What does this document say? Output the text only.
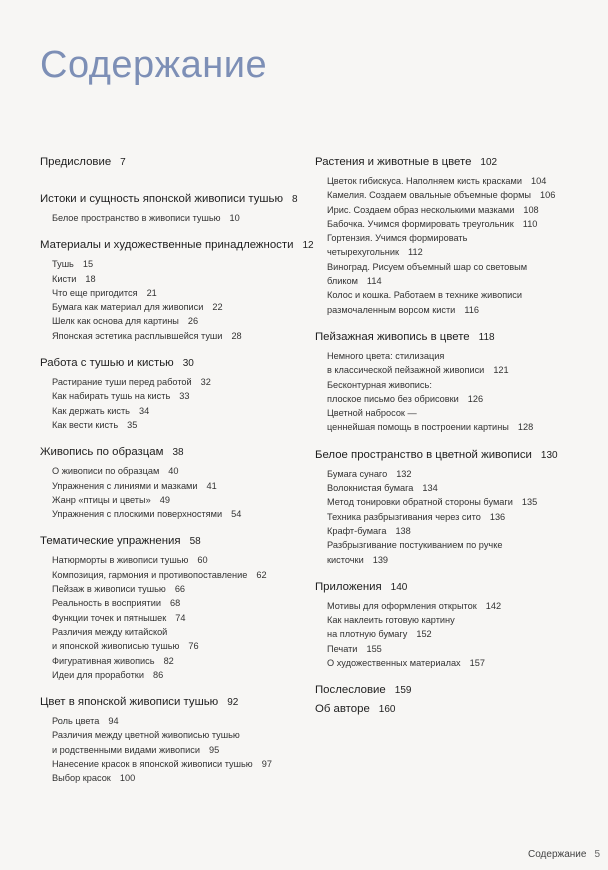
Содержание
Предисловие 7
Истоки и сущность японской живописи тушью 8
Белое пространство в живописи тушью 10
Материалы и художественные принадлежности 12
Тушь 15
Кисти 18
Что еще пригодится 21
Бумага как материал для живописи 22
Шелк как основа для картины 26
Японская эстетика расплывшейся туши 28
Работа с тушью и кистью 30
Растирание туши перед работой 32
Как набирать тушь на кисть 33
Как держать кисть 34
Как вести кисть 35
Живопись по образцам 38
О живописи по образцам 40
Упражнения с линиями и мазками 41
Жанр «птицы и цветы» 49
Упражнения с плоскими поверхностями 54
Тематические упражнения 58
Натюрморты в живописи тушью 60
Композиция, гармония и противопоставление 62
Пейзаж в живописи тушью 66
Реальность в восприятии 68
Функции точек и пятнышек 74
Различия между китайской
и японской живописью тушью 76
Фигуративная живопись 82
Идеи для проработки 86
Цвет в японской живописи тушью 92
Роль цвета 94
Различия между цветной живописью тушью
и родственными видами живописи 95
Нанесение красок в японской живописи тушью 97
Выбор красок 100
Растения и животные в цвете 102
Цветок гибискуса. Наполняем кисть красками 104
Камелия. Создаем овальные объемные формы 106
Ирис. Создаем образ несколькими мазками 108
Бабочка. Учимся формировать треугольник 110
Гортензия. Учимся формировать
четырехугольник 112
Виноград. Рисуем объемный шар со световым
бликом 114
Колос и кошка. Работаем в технике живописи
размочаленным ворсом кисти 116
Пейзажная живопись в цвете 118
Немного цвета: стилизация
в классической пейзажной живописи 121
Бесконтурная живопись:
плоское письмо без обрисовки 126
Цветной набросок —
ценнейшая помощь в построении картины 128
Белое пространство в цветной живописи 130
Бумага сунаго 132
Волокнистая бумага 134
Метод тонировки обратной стороны бумаги 135
Техника разбрызгивания через сито 136
Крафт-бумага 138
Разбрызгивание постукиванием по ручке
кисточки 139
Приложения 140
Мотивы для оформления открыток 142
Как наклеить готовую картину
на плотную бумагу 152
Печати 155
О художественных материалах 157
Послесловие 159
Об авторе 160
Содержание 5
